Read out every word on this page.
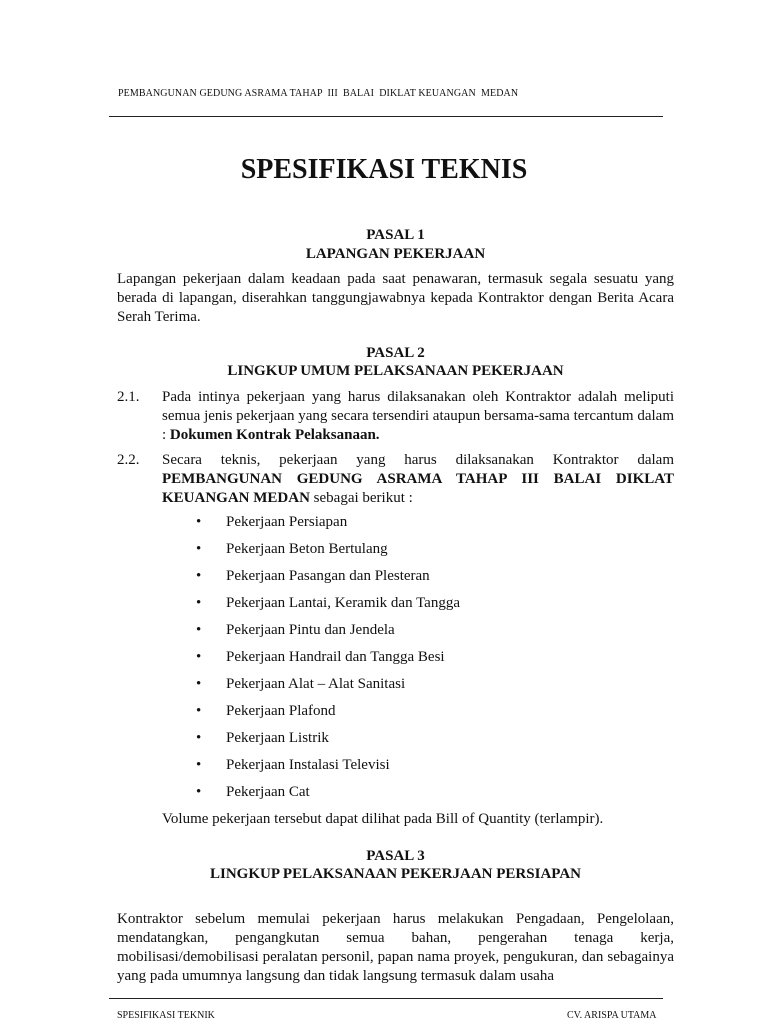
PEMBANGUNAN GEDUNG ASRAMA TAHAP  III  BALAI  DIKLAT KEUANGAN  MEDAN
SPESIFIKASI TEKNIS
PASAL 1
LAPANGAN PEKERJAAN
Lapangan pekerjaan dalam keadaan pada saat penawaran, termasuk segala sesuatu yang berada di lapangan, diserahkan tanggungjawabnya kepada Kontraktor dengan Berita Acara Serah Terima.
PASAL 2
LINGKUP UMUM PELAKSANAAN PEKERJAAN
2.1. Pada intinya pekerjaan yang harus dilaksanakan oleh Kontraktor adalah meliputi semua jenis pekerjaan yang secara tersendiri ataupun bersama-sama tercantum dalam : Dokumen Kontrak Pelaksanaan.
2.2. Secara teknis, pekerjaan yang harus dilaksanakan Kontraktor dalam PEMBANGUNAN GEDUNG ASRAMA TAHAP III BALAI DIKLAT KEUANGAN MEDAN sebagai berikut :
• Pekerjaan Persiapan
• Pekerjaan Beton Bertulang
• Pekerjaan Pasangan dan Plesteran
• Pekerjaan Lantai, Keramik dan Tangga
• Pekerjaan Pintu dan Jendela
• Pekerjaan Handrail dan Tangga Besi
• Pekerjaan Alat – Alat Sanitasi
• Pekerjaan Plafond
• Pekerjaan Listrik
• Pekerjaan Instalasi Televisi
• Pekerjaan Cat
Volume pekerjaan tersebut dapat dilihat pada Bill of Quantity (terlampir).
PASAL 3
LINGKUP PELAKSANAAN PEKERJAAN PERSIAPAN
Kontraktor sebelum memulai pekerjaan harus melakukan Pengadaan, Pengelolaan, mendatangkan, pengangkutan semua bahan, pengerahan tenaga kerja, mobilisasi/demobilisasi peralatan personil, papan nama proyek, pengukuran, dan sebagainya yang pada umumnya langsung dan tidak langsung termasuk dalam usaha
SPESIFIKASI TEKNIK	CV. ARISPA UTAMA
